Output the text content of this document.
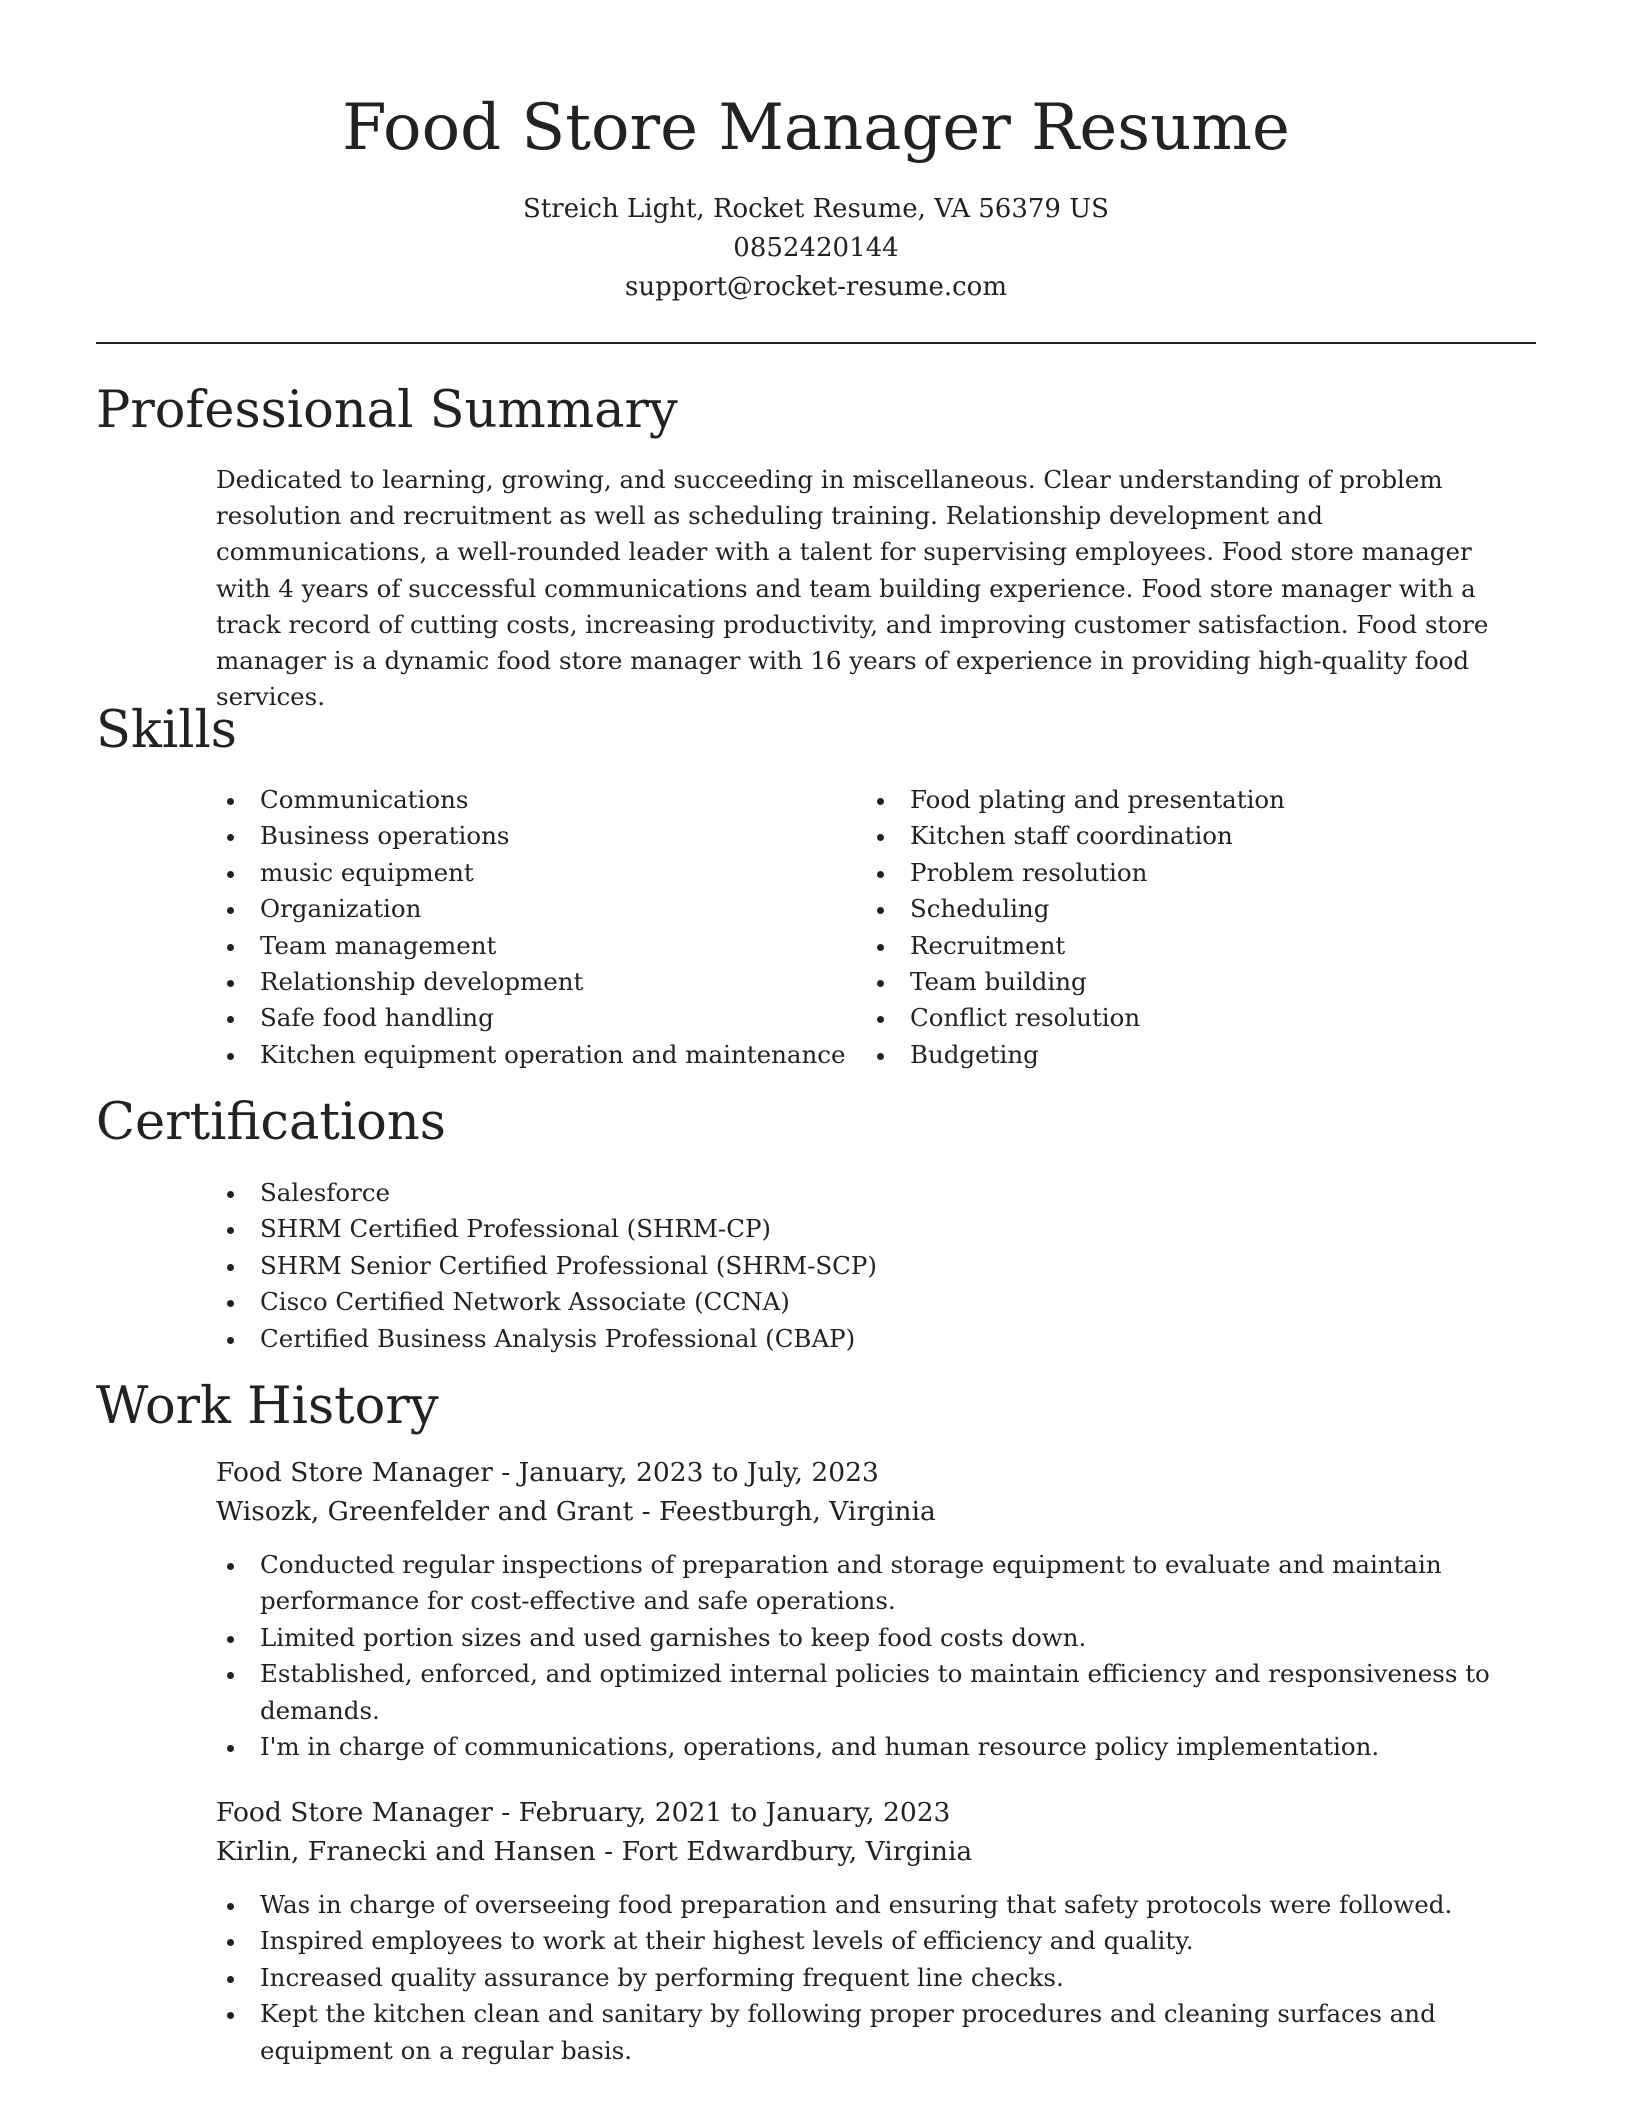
Food Store Manager Resume

Streich Light, Rocket Resume, VA 56379 US

0852420144

support@rocket-resume.com

Professional Summary

Dedicated to learning, growing, and succeeding in miscellaneous. Clear understanding of problem resolution and recruitment as well as scheduling training. Relationship development and communications, a well-rounded leader with a talent for supervising employees. Food store manager with 4 years of successful communications and team building experience. Food store manager with a track record of cutting costs, increasing productivity, and improving customer satisfaction. Food store manager is a dynamic food store manager with 16 years of experience in providing high-quality food services.

Skills
Communications
Business operations
music equipment
Organization
Team management
Relationship development
Safe food handling
Kitchen equipment operation and maintenance
Food plating and presentation
Kitchen staff coordination
Problem resolution
Scheduling
Recruitment
Team building
Conflict resolution
Budgeting
Certifications
Salesforce
SHRM Certified Professional (SHRM-CP)
SHRM Senior Certified Professional (SHRM-SCP)
Cisco Certified Network Associate (CCNA)
Certified Business Analysis Professional (CBAP)
Work History

Food Store Manager - January, 2023 to July, 2023

Wisozk, Greenfelder and Grant - Feestburgh, Virginia

Conducted regular inspections of preparation and storage equipment to evaluate and maintain performance for cost-effective and safe operations.
Limited portion sizes and used garnishes to keep food costs down.
Established, enforced, and optimized internal policies to maintain efficiency and responsiveness to demands.
I'm in charge of communications, operations, and human resource policy implementation.

Food Store Manager - February, 2021 to January, 2023

Kirlin, Franecki and Hansen - Fort Edwardbury, Virginia

Was in charge of overseeing food preparation and ensuring that safety protocols were followed.
Inspired employees to work at their highest levels of efficiency and quality.
Increased quality assurance by performing frequent line checks.
Kept the kitchen clean and sanitary by following proper procedures and cleaning surfaces and equipment on a regular basis.
